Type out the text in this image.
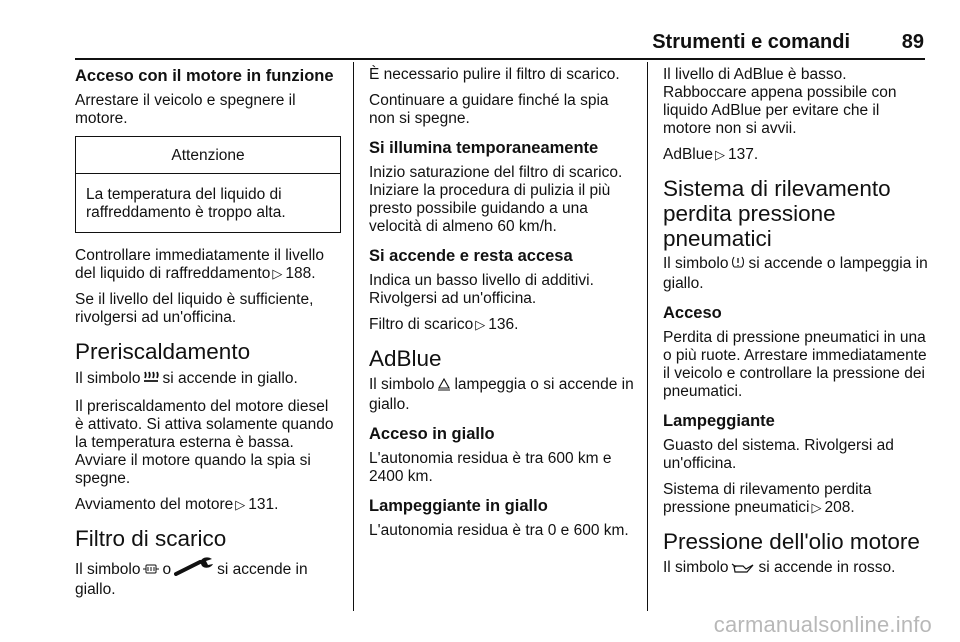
Strumenti e comandi	89
Acceso con il motore in funzione

Arrestare il veicolo e spegnere il motore.

Attenzione
La temperatura del liquido di raffreddamento è troppo alta.

Controllare immediatamente il livello del liquido di raffreddamento ▷ 188.

Se il livello del liquido è sufficiente, rivolgersi ad un'officina.

Preriscaldamento

Il simbolo si accende in giallo.

Il preriscaldamento del motore diesel è attivato. Si attiva solamente quando la temperatura esterna è bassa. Avviare il motore quando la spia si spegne.

Avviamento del motore ▷ 131.

Filtro di scarico

Il simbolo o	si accende in giallo.

È necessario pulire il filtro di scarico.

Continuare a guidare finché la spia non si spegne.

Si illumina temporaneamente

Inizio saturazione del filtro di scarico. Iniziare la procedura di pulizia il più presto possibile guidando a una velocità di almeno 60 km/h.

Si accende e resta accesa

Indica un basso livello di additivi. Rivolgersi ad un'officina.

Filtro di scarico ▷ 136.

AdBlue

Il simbolo lampeggia o si accende in giallo.

Acceso in giallo

L'autonomia residua è tra 600 km e 2400 km.

Lampeggiante in giallo

L'autonomia residua è tra 0 e 600 km.

Il livello di AdBlue è basso. Rabboccare appena possibile con liquido AdBlue per evitare che il motore non si avvii.

AdBlue ▷ 137.

Sistema di rilevamento perdita pressione pneumatici

Il simbolo si accende o lampeggia in giallo.

Acceso

Perdita di pressione pneumatici in una o più ruote. Arrestare immediatamente il veicolo e controllare la pressione dei pneumatici.

Lampeggiante

Guasto del sistema. Rivolgersi ad un'officina.

Sistema di rilevamento perdita pressione pneumatici ▷ 208.

Pressione dell'olio motore

Il simbolo si accende in rosso.

carmanualsonline.info
